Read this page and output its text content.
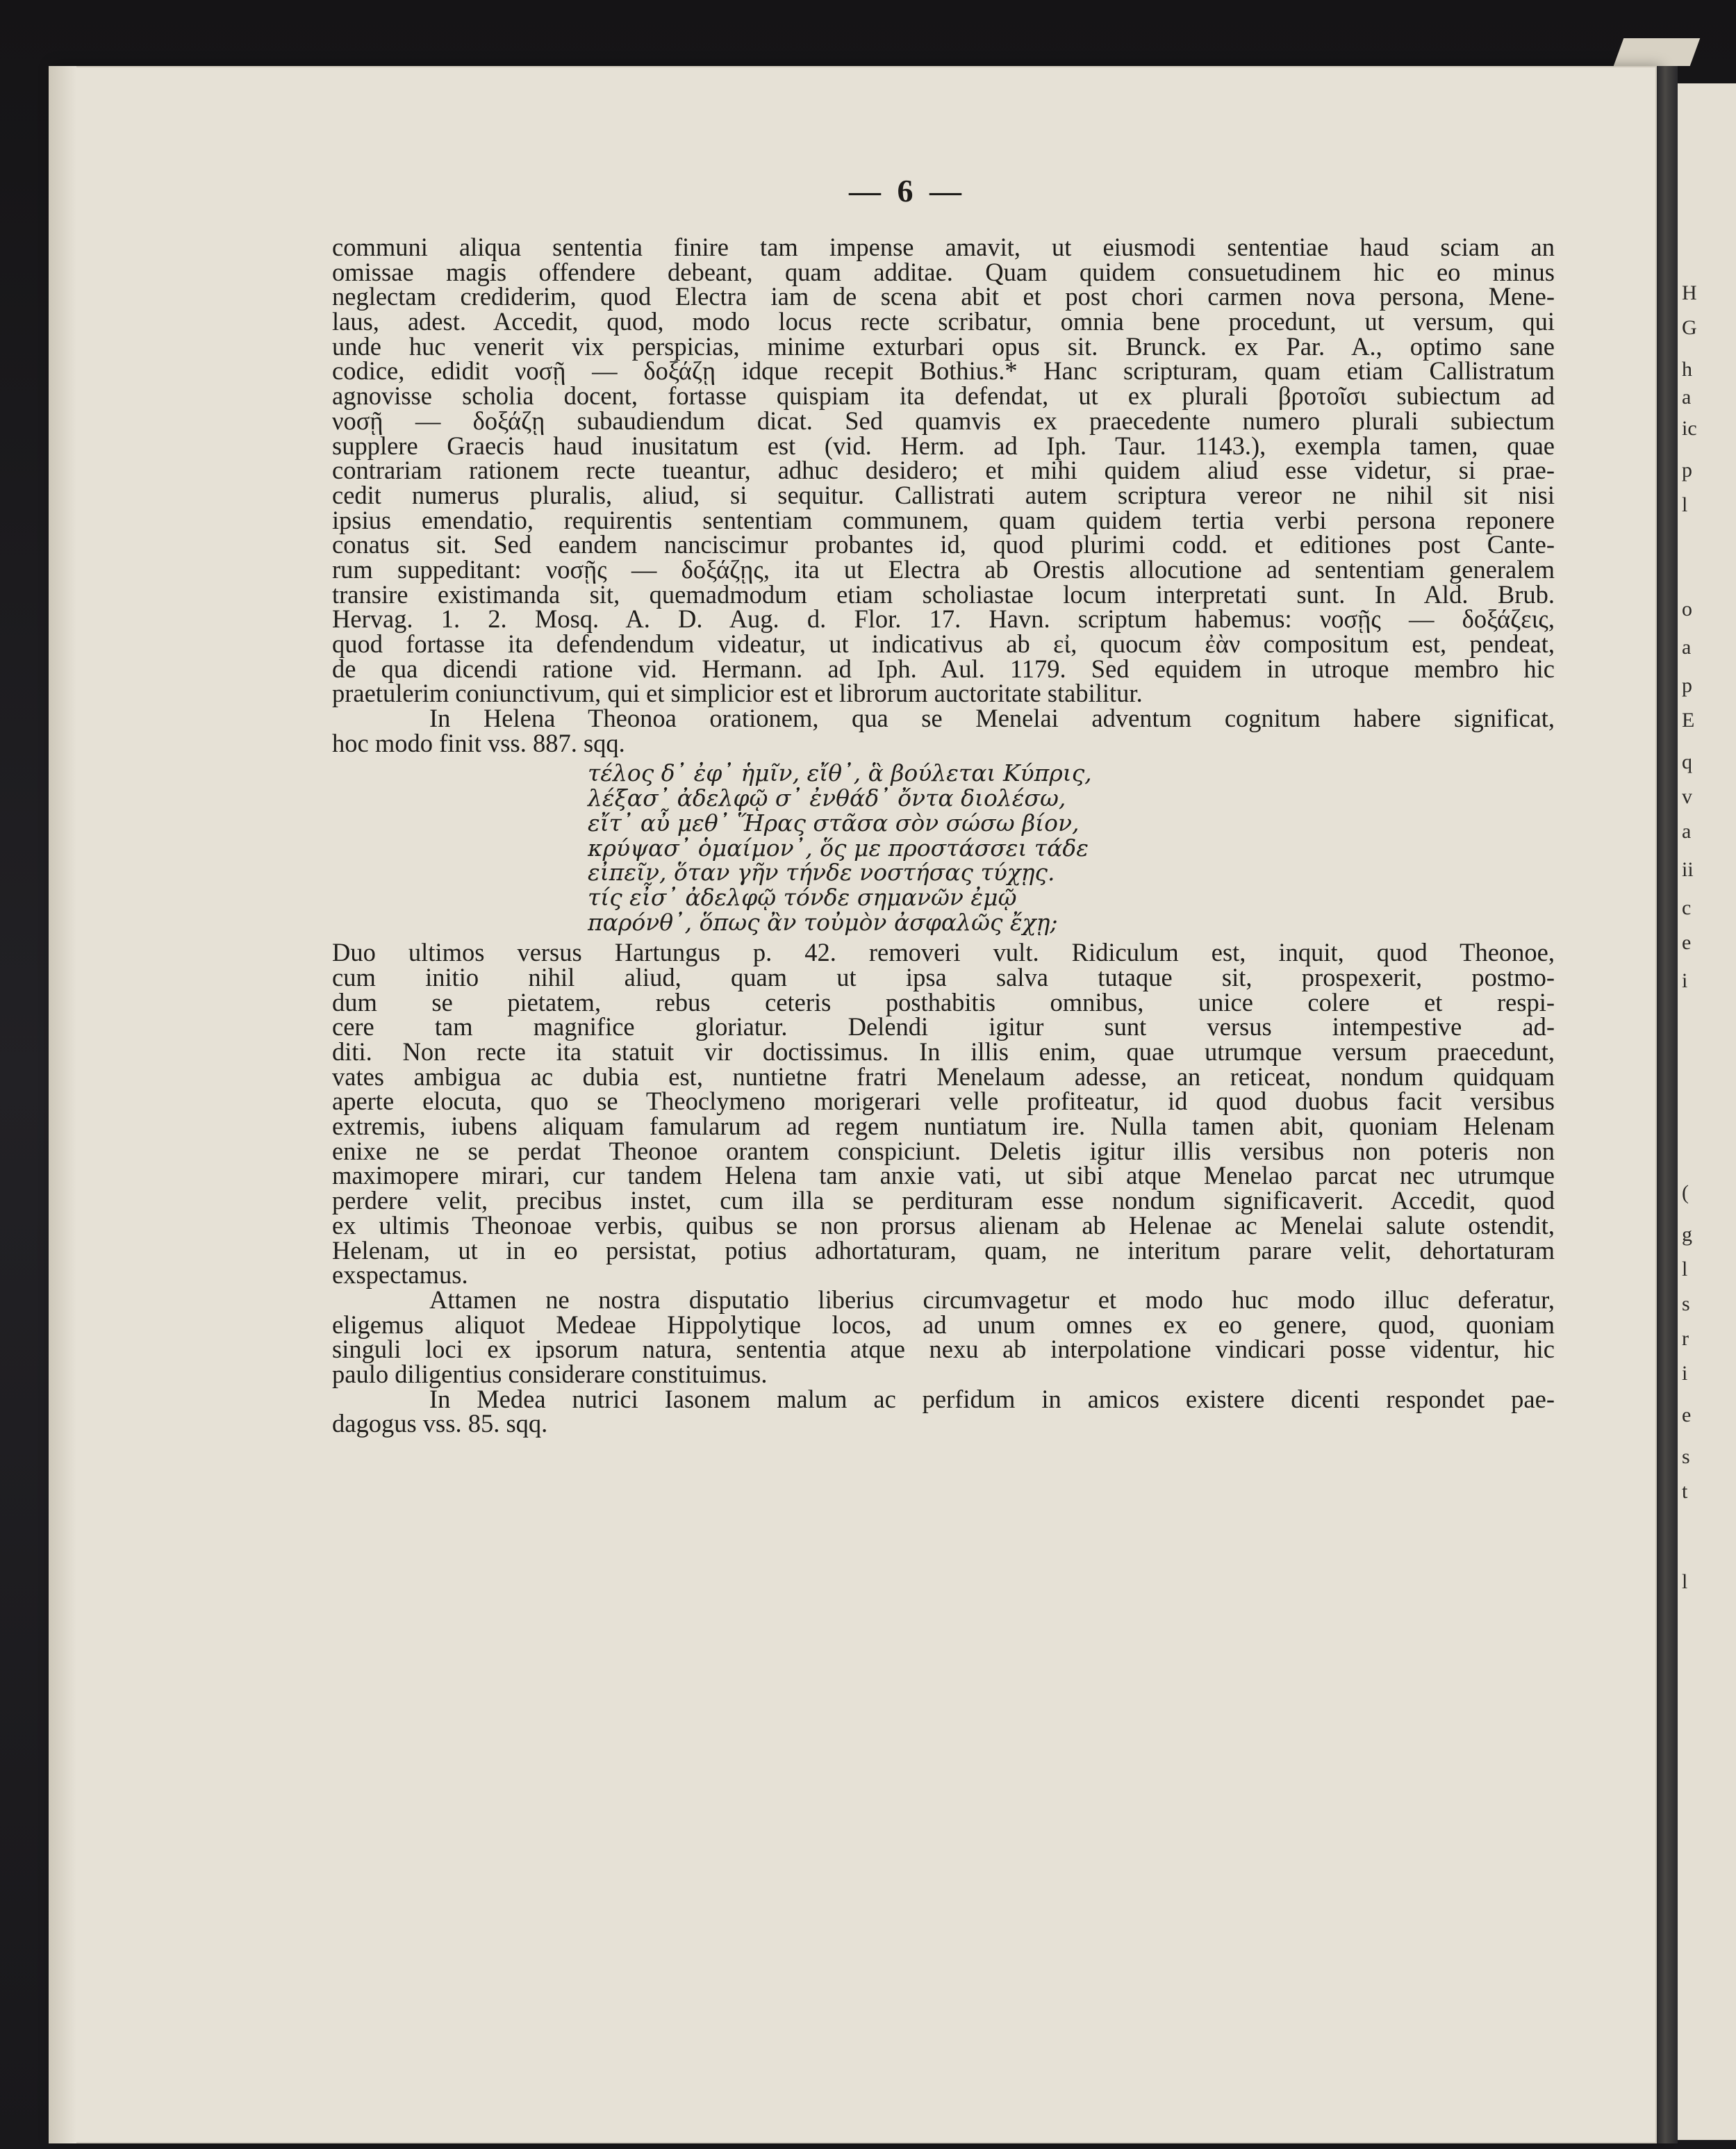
H
G
h
a
ic
p
l
o
a
p
E
q
v
a
ii
c
e
i
(
g
l
s
r
i
e
s
t
l
— 6 —
communi aliqua sententia finire tam impense amavit, ut eiusmodi sententiae haud sciam an
omissae magis offendere debeant, quam additae. Quam quidem consuetudinem hic eo minus
neglectam crediderim, quod Electra iam de scena abit et post chori carmen nova persona, Mene-
laus, adest. Accedit, quod, modo locus recte scribatur, omnia bene procedunt, ut versum, qui
unde huc venerit vix perspicias, minime exturbari opus sit. Brunck. ex Par. A., optimo sane
codice, edidit νοσῇ — δοξάζῃ idque recepit Bothius.* Hanc scripturam, quam etiam Callistratum
agnovisse scholia docent, fortasse quispiam ita defendat, ut ex plurali βροτοῖσι subiectum ad
νοσῇ — δοξάζῃ subaudiendum dicat. Sed quamvis ex praecedente numero plurali subiectum
supplere Graecis haud inusitatum est (vid. Herm. ad Iph. Taur. 1143.), exempla tamen, quae
contrariam rationem recte tueantur, adhuc desidero; et mihi quidem aliud esse videtur, si prae-
cedit numerus pluralis, aliud, si sequitur. Callistrati autem scriptura vereor ne nihil sit nisi
ipsius emendatio, requirentis sententiam communem, quam quidem tertia verbi persona reponere
conatus sit. Sed eandem nanciscimur probantes id, quod plurimi codd. et editiones post Cante-
rum suppeditant: νοσῇς — δοξάζῃς, ita ut Electra ab Orestis allocutione ad sententiam generalem
transire existimanda sit, quemadmodum etiam scholiastae locum interpretati sunt. In Ald. Brub.
Hervag. 1. 2. Mosq. A. D. Aug. d. Flor. 17. Havn. scriptum habemus: νοσῇς — δοξάζεις,
quod fortasse ita defendendum videatur, ut indicativus ab εἰ, quocum ἐὰν compositum est, pendeat,
de qua dicendi ratione vid. Hermann. ad Iph. Aul. 1179. Sed equidem in utroque membro hic
praetulerim coniunctivum, qui et simplicior est et librorum auctoritate stabilitur.
In Helena Theonoa orationem, qua se Menelai adventum cognitum habere significat,
hoc modo finit vss. 887. sqq.
τέλος δ᾽ ἐφ᾽ ἡμῖν, εἴθ᾽, ἃ βούλεται Κύπρις,
λέξασ᾽ ἀδελφῷ σ᾽ ἐνθάδ᾽ ὄντα διολέσω,
εἴτ᾽ αὖ μεθ᾽ Ἥρας στᾶσα σὸν σώσω βίον,
κρύψασ᾽ ὁμαίμον᾽, ὅς με προστάσσει τάδε
εἰπεῖν, ὅταν γῆν τήνδε νοστήσας τύχῃς.
τίς εἶσ᾽ ἀδελφῷ τόνδε σημανῶν ἐμῷ
παρόνθ᾽, ὅπως ἂν τοὐμὸν ἀσφαλῶς ἔχῃ;
Duo ultimos versus Hartungus p. 42. removeri vult. Ridiculum est, inquit, quod Theonoe,
cum initio nihil aliud, quam ut ipsa salva tutaque sit, prospexerit, postmo-
dum se pietatem, rebus ceteris posthabitis omnibus, unice colere et respi-
cere tam magnifice gloriatur. Delendi igitur sunt versus intempestive ad-
diti. Non recte ita statuit vir doctissimus. In illis enim, quae utrumque versum praecedunt,
vates ambigua ac dubia est, nuntietne fratri Menelaum adesse, an reticeat, nondum quidquam
aperte elocuta, quo se Theoclymeno morigerari velle profiteatur, id quod duobus facit versibus
extremis, iubens aliquam famularum ad regem nuntiatum ire. Nulla tamen abit, quoniam Helenam
enixe ne se perdat Theonoe orantem conspiciunt. Deletis igitur illis versibus non poteris non
maximopere mirari, cur tandem Helena tam anxie vati, ut sibi atque Menelao parcat nec utrumque
perdere velit, precibus instet, cum illa se perdituram esse nondum significaverit. Accedit, quod
ex ultimis Theonoae verbis, quibus se non prorsus alienam ab Helenae ac Menelai salute ostendit,
Helenam, ut in eo persistat, potius adhortaturam, quam, ne interitum parare velit, dehortaturam
exspectamus.
Attamen ne nostra disputatio liberius circumvagetur et modo huc modo illuc deferatur,
eligemus aliquot Medeae Hippolytique locos, ad unum omnes ex eo genere, quod, quoniam
singuli loci ex ipsorum natura, sententia atque nexu ab interpolatione vindicari posse videntur, hic
paulo diligentius considerare constituimus.
In Medea nutrici Iasonem malum ac perfidum in amicos existere dicenti respondet pae-
dagogus vss. 85. sqq.
